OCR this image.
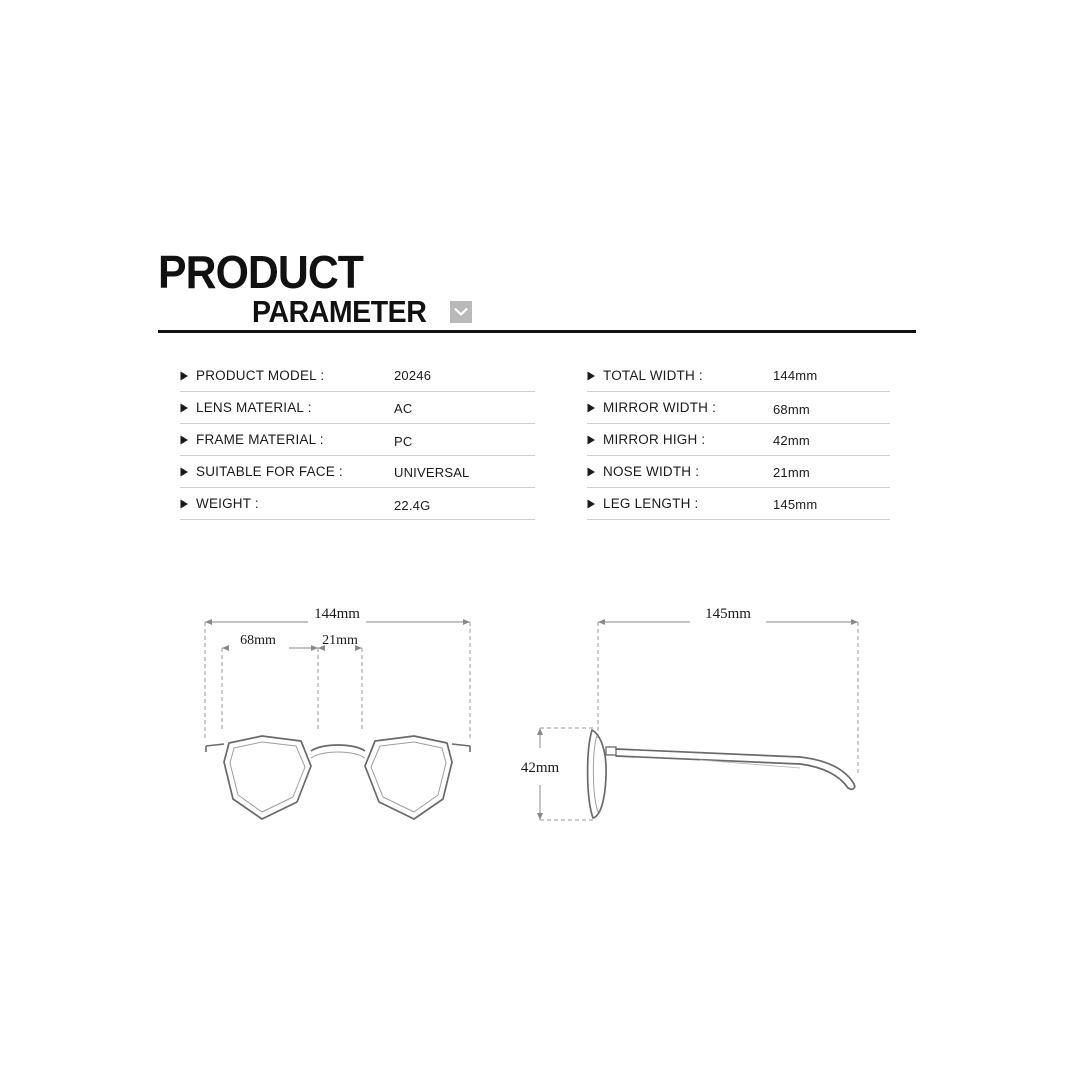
PRODUCT
PARAMETER
PRODUCT MODEL :	20246
LENS MATERIAL :	AC
FRAME MATERIAL :	PC
SUITABLE FOR FACE :	UNIVERSAL
WEIGHT :	22.4G
TOTAL WIDTH :	144mm
MIRROR WIDTH :	68mm
MIRROR HIGH :	42mm
NOSE WIDTH :	21mm
LEG LENGTH :	145mm
144mm
68mm	21mm
145mm
42mm
